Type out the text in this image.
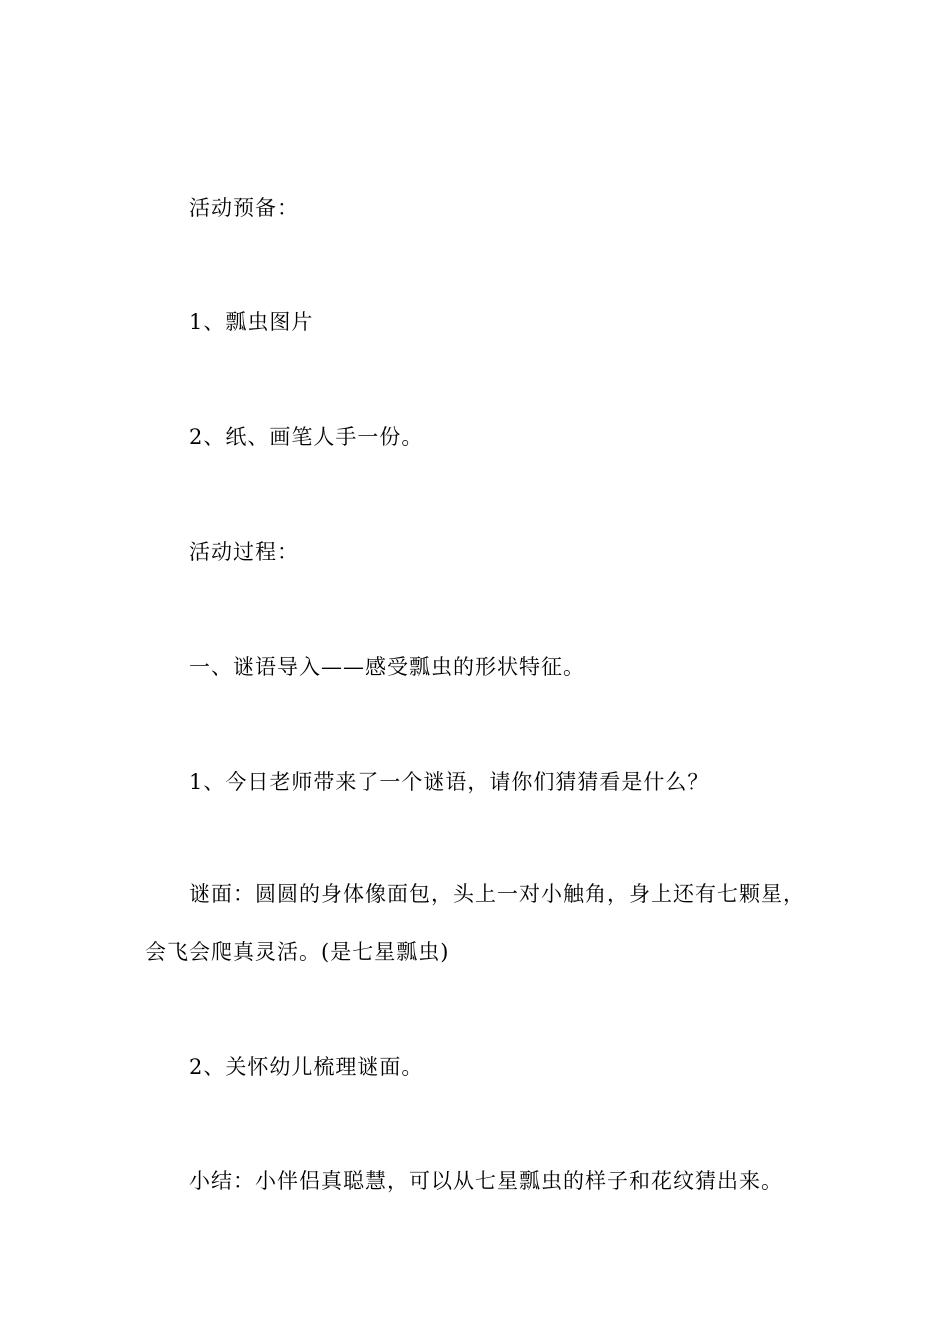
活动预备：
1、瓢虫图片
2、纸、画笔人手一份。
活动过程：
一、谜语导入——感受瓢虫的形状特征。
1、今日老师带来了一个谜语，请你们猜猜看是什么？
谜面：圆圆的身体像面包，头上一对小触角，身上还有七颗星，
会飞会爬真灵活。(是七星瓢虫)
2、关怀幼儿梳理谜面。
小结：小伴侣真聪慧，可以从七星瓢虫的样子和花纹猜出来。
